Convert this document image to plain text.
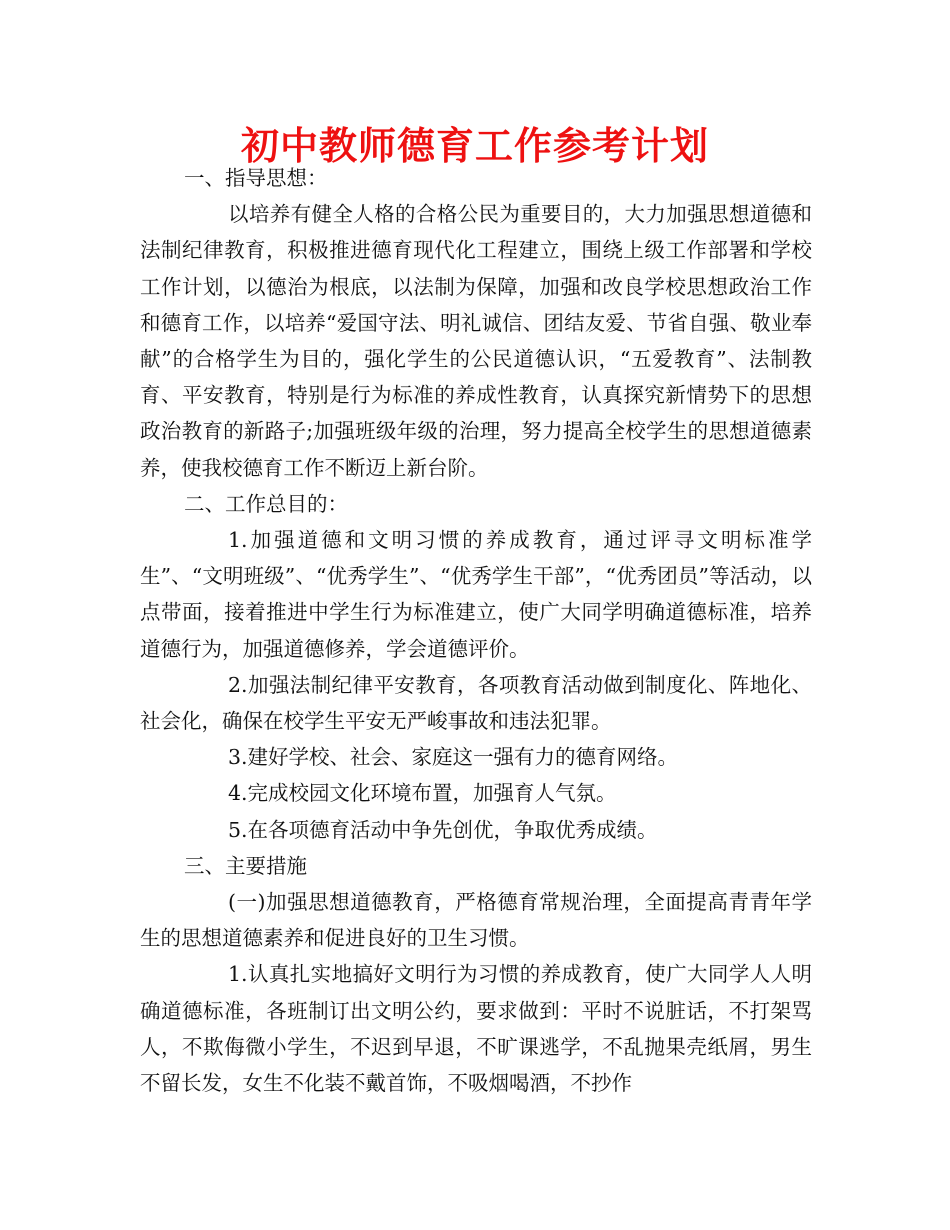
初中教师德育工作参考计划

一、指导思想：

以培养有健全人格的合格公民为重要目的，大力加强思想道德和法制纪律教育，积极推进德育现代化工程建立，围绕上级工作部署和学校工作计划，以德治为根底，以法制为保障，加强和改良学校思想政治工作和德育工作，以培养“爱国守法、明礼诚信、团结友爱、节省自强、敬业奉献”的合格学生为目的，强化学生的公民道德认识，“五爱教育”、法制教育、平安教育，特别是行为标准的养成性教育，认真探究新情势下的思想政治教育的新路子;加强班级年级的治理，努力提高全校学生的思想道德素养，使我校德育工作不断迈上新台阶。

二、工作总目的：

1.加强道德和文明习惯的养成教育，通过评寻文明标准学生”、“文明班级”、“优秀学生”、“优秀学生干部”，“优秀团员”等活动，以点带面，接着推进中学生行为标准建立，使广大同学明确道德标准，培养道德行为，加强道德修养，学会道德评价。

2.加强法制纪律平安教育，各项教育活动做到制度化、阵地化、社会化，确保在校学生平安无严峻事故和违法犯罪。

3.建好学校、社会、家庭这一强有力的德育网络。

4.完成校园文化环境布置，加强育人气氛。

5.在各项德育活动中争先创优，争取优秀成绩。

三、主要措施

(一)加强思想道德教育，严格德育常规治理，全面提高青青年学生的思想道德素养和促进良好的卫生习惯。

1.认真扎实地搞好文明行为习惯的养成教育，使广大同学人人明确道德标准，各班制订出文明公约，要求做到：平时不说脏话，不打架骂人，不欺侮微小学生，不迟到早退，不旷课逃学，不乱抛果壳纸屑，男生不留长发，女生不化装不戴首饰，不吸烟喝酒，不抄作
